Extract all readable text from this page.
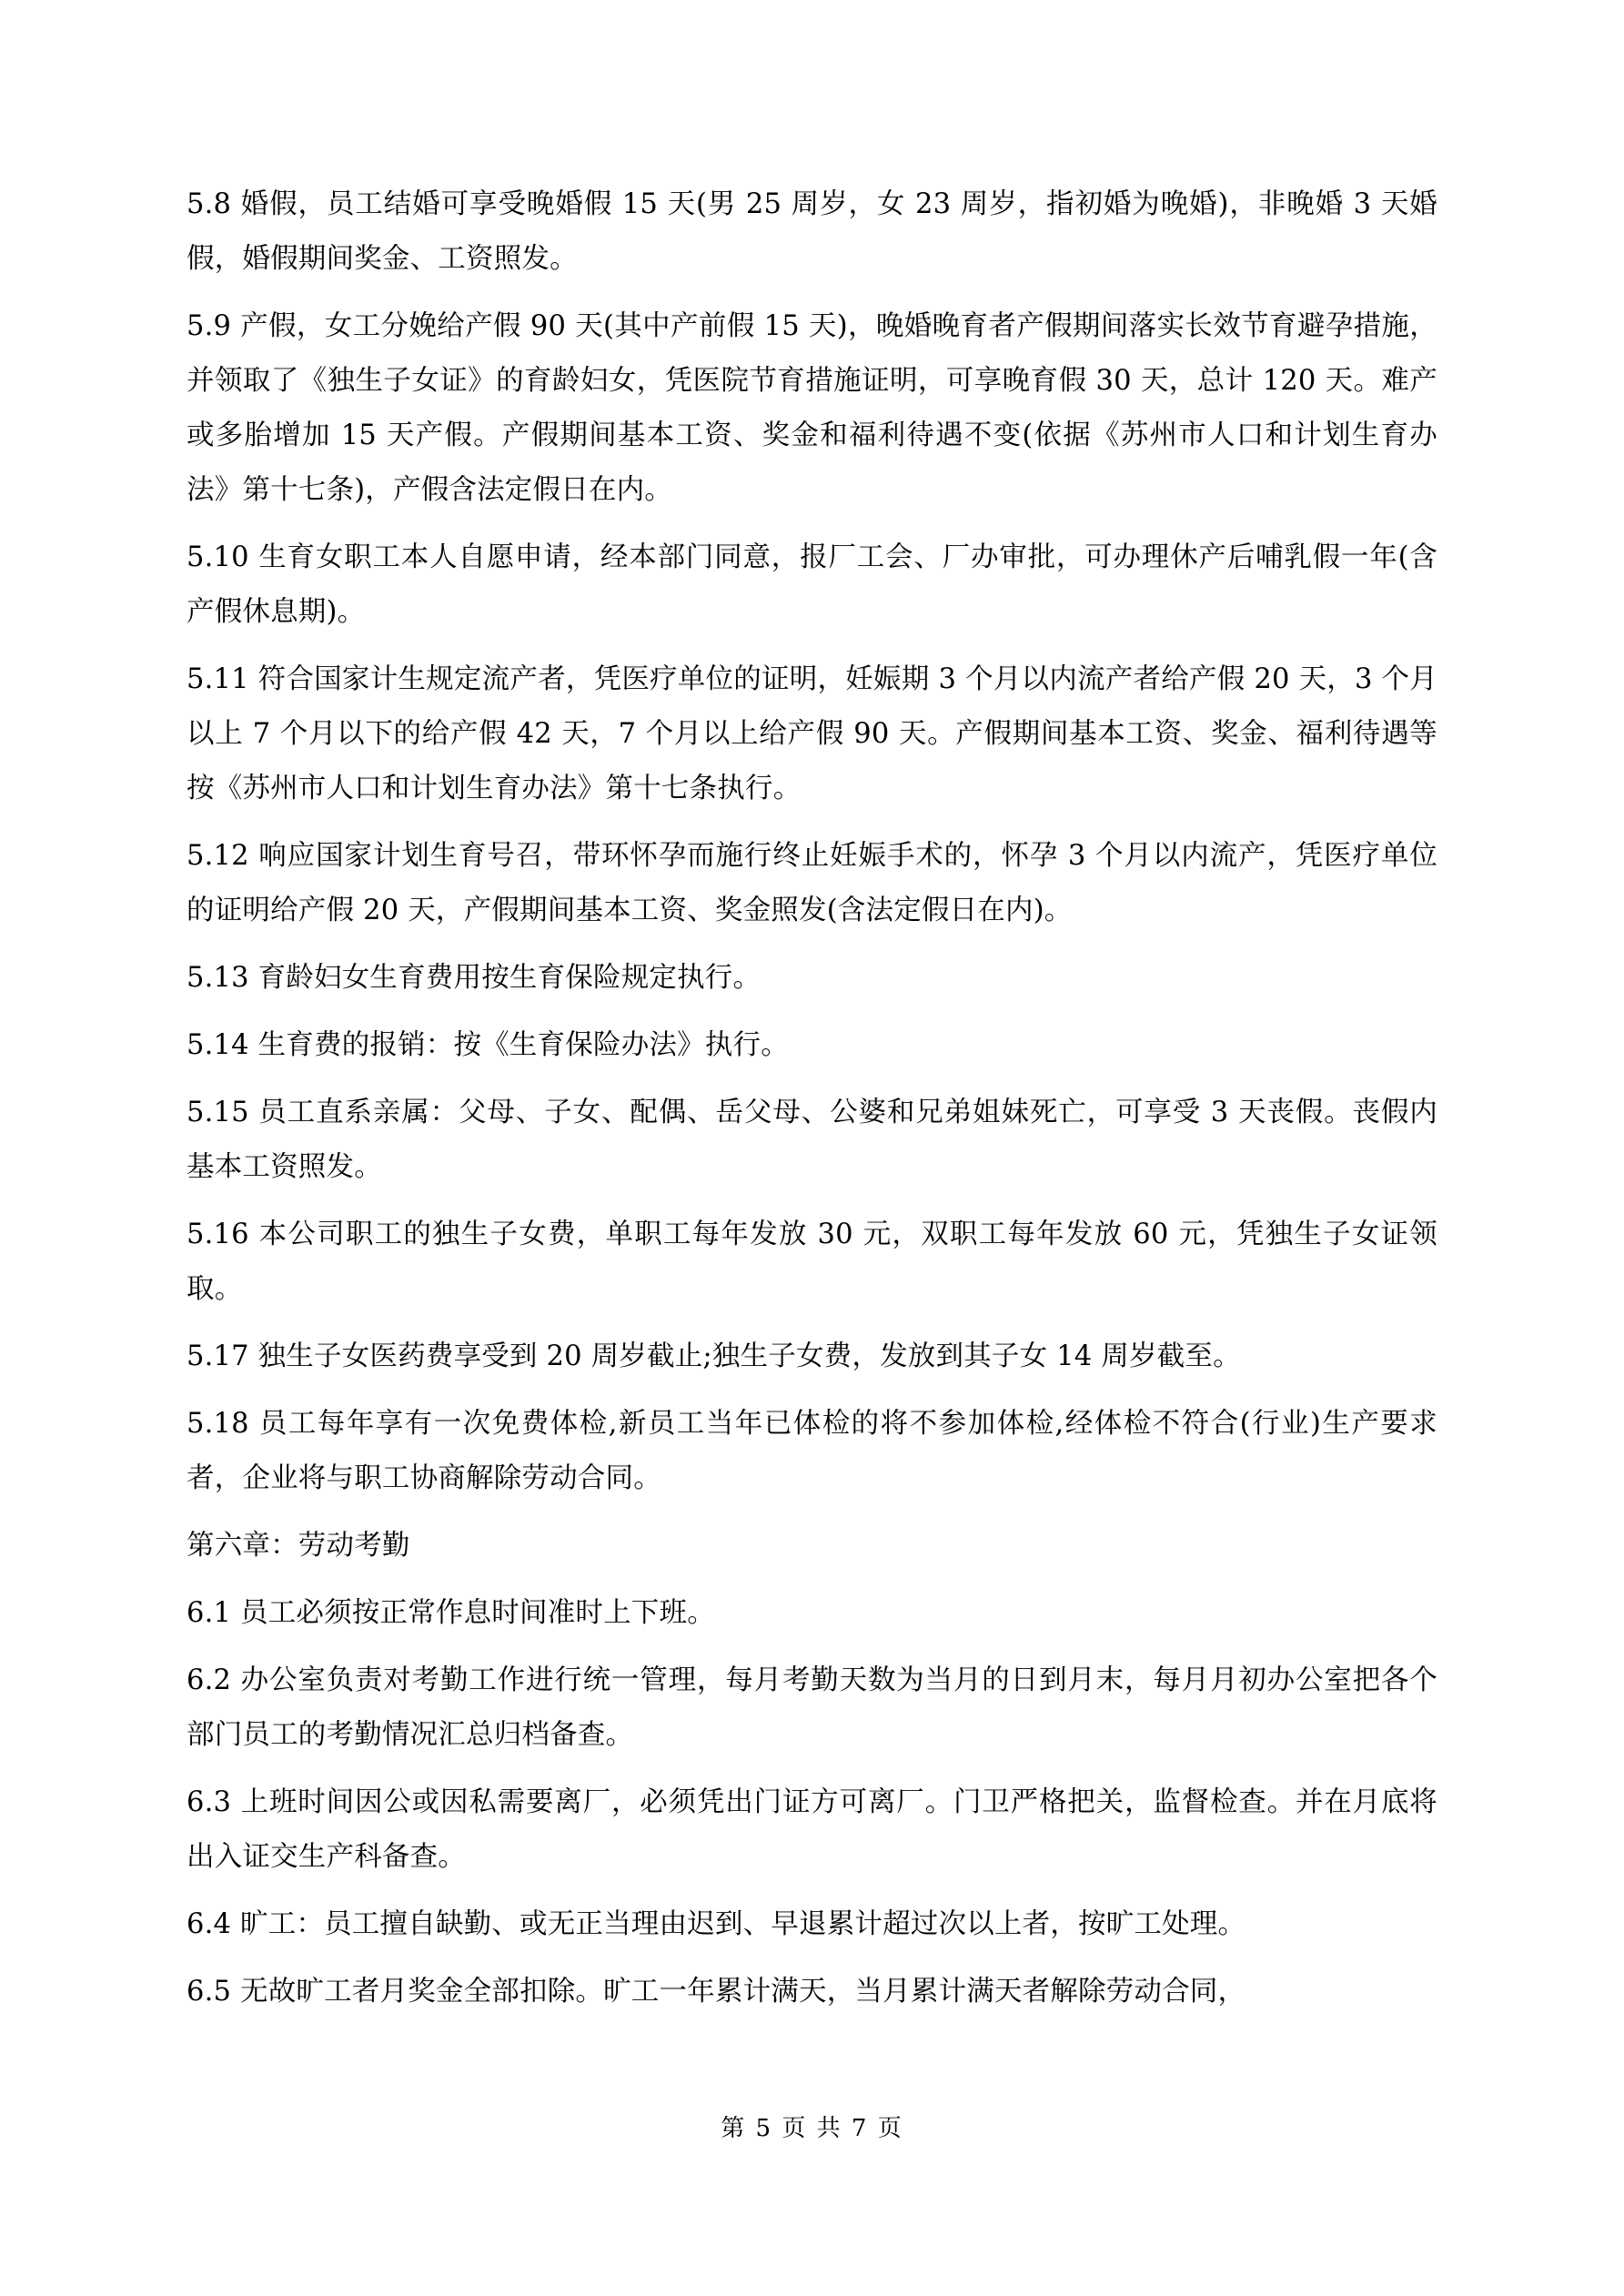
5.8 婚假，员工结婚可享受晚婚假 15 天(男 25 周岁，女 23 周岁，指初婚为晚婚)，非晚婚 3 天婚假，婚假期间奖金、工资照发。

5.9 产假，女工分娩给产假 90 天(其中产前假 15 天)，晚婚晚育者产假期间落实长效节育避孕措施，并领取了《独生子女证》的育龄妇女，凭医院节育措施证明，可享晚育假 30 天，总计 120 天。难产或多胎增加 15 天产假。产假期间基本工资、奖金和福利待遇不变(依据《苏州市人口和计划生育办法》第十七条)，产假含法定假日在内。

5.10 生育女职工本人自愿申请，经本部门同意，报厂工会、厂办审批，可办理休产后哺乳假一年(含产假休息期)。

5.11 符合国家计生规定流产者，凭医疗单位的证明，妊娠期 3 个月以内流产者给产假 20 天，3 个月以上 7 个月以下的给产假 42 天，7 个月以上给产假 90 天。产假期间基本工资、奖金、福利待遇等按《苏州市人口和计划生育办法》第十七条执行。

5.12 响应国家计划生育号召，带环怀孕而施行终止妊娠手术的，怀孕 3 个月以内流产，凭医疗单位的证明给产假 20 天，产假期间基本工资、奖金照发(含法定假日在内)。

5.13 育龄妇女生育费用按生育保险规定执行。

5.14 生育费的报销：按《生育保险办法》执行。

5.15 员工直系亲属：父母、子女、配偶、岳父母、公婆和兄弟姐妹死亡，可享受 3 天丧假。丧假内基本工资照发。

5.16 本公司职工的独生子女费，单职工每年发放 30 元，双职工每年发放 60 元，凭独生子女证领取。

5.17 独生子女医药费享受到 20 周岁截止;独生子女费，发放到其子女 14 周岁截至。

5.18 员工每年享有一次免费体检,新员工当年已体检的将不参加体检,经体检不符合(行业)生产要求者，企业将与职工协商解除劳动合同。

第六章：劳动考勤

6.1 员工必须按正常作息时间准时上下班。

6.2 办公室负责对考勤工作进行统一管理，每月考勤天数为当月的日到月末，每月月初办公室把各个部门员工的考勤情况汇总归档备查。

6.3 上班时间因公或因私需要离厂，必须凭出门证方可离厂。门卫严格把关，监督检查。并在月底将出入证交生产科备查。

6.4 旷工：员工擅自缺勤、或无正当理由迟到、早退累计超过次以上者，按旷工处理。

6.5 无故旷工者月奖金全部扣除。旷工一年累计满天，当月累计满天者解除劳动合同，

第 5 页 共 7 页
